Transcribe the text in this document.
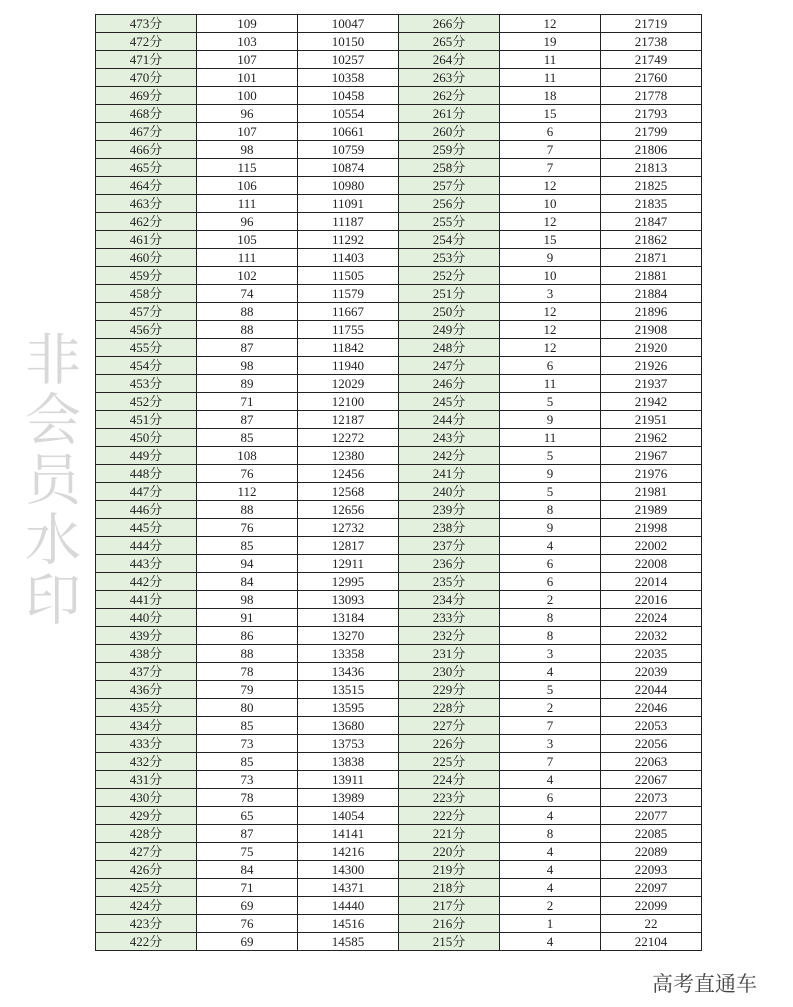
非会员水印
473分	109	10047	266分	12	21719
472分	103	10150	265分	19	21738
471分	107	10257	264分	11	21749
470分	101	10358	263分	11	21760
469分	100	10458	262分	18	21778
468分	96	10554	261分	15	21793
467分	107	10661	260分	6	21799
466分	98	10759	259分	7	21806
465分	115	10874	258分	7	21813
464分	106	10980	257分	12	21825
463分	111	11091	256分	10	21835
462分	96	11187	255分	12	21847
461分	105	11292	254分	15	21862
460分	111	11403	253分	9	21871
459分	102	11505	252分	10	21881
458分	74	11579	251分	3	21884
457分	88	11667	250分	12	21896
456分	88	11755	249分	12	21908
455分	87	11842	248分	12	21920
454分	98	11940	247分	6	21926
453分	89	12029	246分	11	21937
452分	71	12100	245分	5	21942
451分	87	12187	244分	9	21951
450分	85	12272	243分	11	21962
449分	108	12380	242分	5	21967
448分	76	12456	241分	9	21976
447分	112	12568	240分	5	21981
446分	88	12656	239分	8	21989
445分	76	12732	238分	9	21998
444分	85	12817	237分	4	22002
443分	94	12911	236分	6	22008
442分	84	12995	235分	6	22014
441分	98	13093	234分	2	22016
440分	91	13184	233分	8	22024
439分	86	13270	232分	8	22032
438分	88	13358	231分	3	22035
437分	78	13436	230分	4	22039
436分	79	13515	229分	5	22044
435分	80	13595	228分	2	22046
434分	85	13680	227分	7	22053
433分	73	13753	226分	3	22056
432分	85	13838	225分	7	22063
431分	73	13911	224分	4	22067
430分	78	13989	223分	6	22073
429分	65	14054	222分	4	22077
428分	87	14141	221分	8	22085
427分	75	14216	220分	4	22089
426分	84	14300	219分	4	22093
425分	71	14371	218分	4	22097
424分	69	14440	217分	2	22099
423分	76	14516	216分	1	22
422分	69	14585	215分	4	22104
高考直通车
